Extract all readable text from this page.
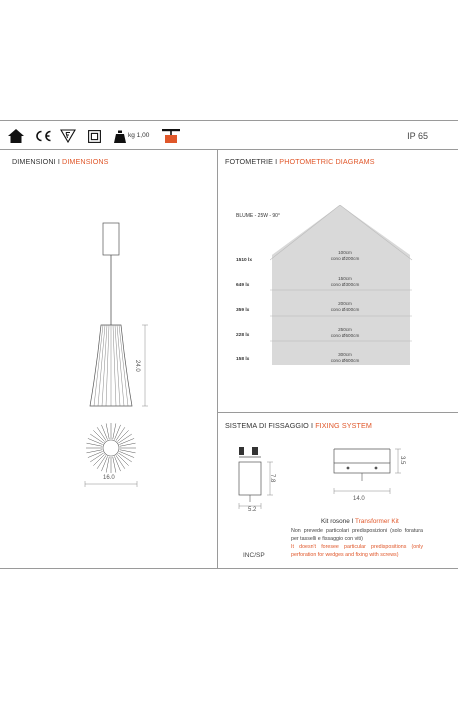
kg 1,00	IP 65
DIMENSIONI I DIMENSIONS
24.0
16.0
FOTOMETRIE I PHOTOMETRIC DIAGRAMS
BLUME - 25W - 90°
1510 lx
100cm
cono Ø200cm
649 lx
150cm
cono Ø300cm
359 lx
200cm
cono Ø400cm
228 lx
250cm
cono Ø500cm
158 lx
300cm
cono Ø600cm
SISTEMA DI FISSAGGIO I FIXING SYSTEM
7.8
5.2
3.5
14.0
Kit rosone I Transformer Kit
Non prevede particolari predisposizioni (solo foratura per tasselli e fissaggio con viti)
It doesn't foresee particular predispositions (only perforation for wedges and fixing with screws)
INC/SP
